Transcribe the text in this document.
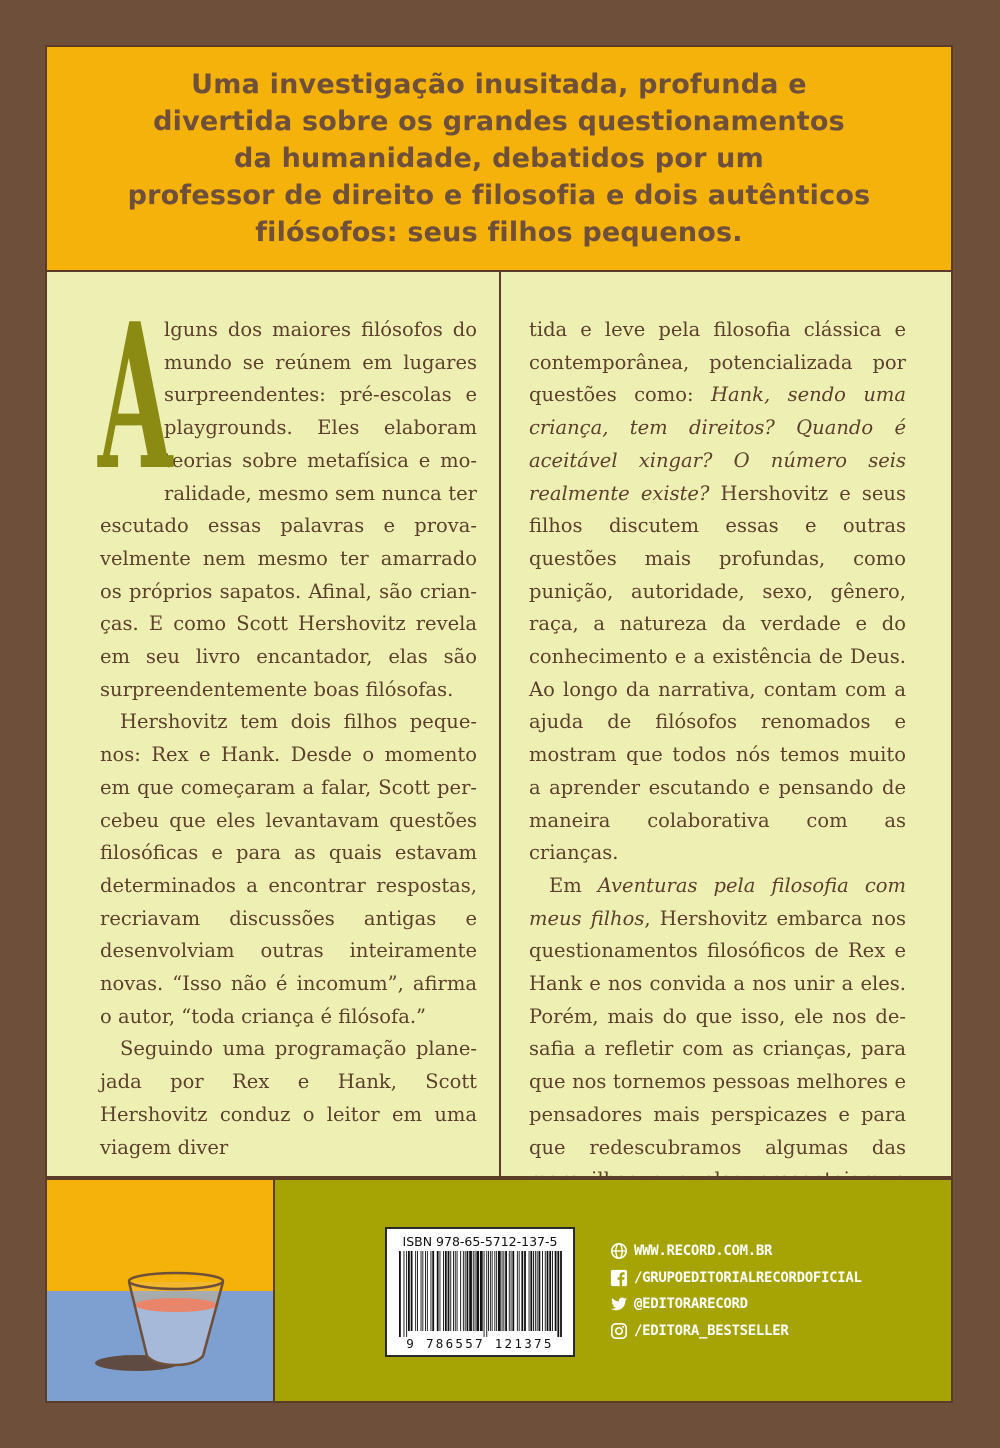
Uma investigação inusitada, profunda e
divertida sobre os grandes questionamentos
da humanidade, debatidos por um
professor de direito e filosofia e dois autênticos
filósofos: seus filhos pequenos.

A
lguns dos maiores filósofos do mundo se reúnem em lugares surpreendentes: pré-escolas e playgrounds. Eles elaboram teorias sobre metafísica e moralidade, mesmo sem nunca ter escutado essas palavras e provavelmente nem mesmo ter amarrado os próprios sapatos. Afinal, são crianças. E como Scott Hershovitz revela em seu livro encantador, elas são surpreendentemente boas filósofas.

Hershovitz tem dois filhos pequenos: Rex e Hank. Desde o momento em que começaram a falar, Scott percebeu que eles levantavam questões filosóficas e para as quais estavam determinados a encontrar respostas, recriavam discussões antigas e desenvolviam outras inteiramente novas. “Isso não é incomum”, afirma o autor, “toda criança é filósofa.”

Seguindo uma programação planejada por Rex e Hank, Scott Hershovitz conduz o leitor em uma viagem diver

tida e leve pela filosofia clássica e contemporânea, potencializada por questões como: Hank, sendo uma criança, tem direitos? Quando é aceitável xingar? O número seis realmente existe? Hershovitz e seus filhos discutem essas e outras questões mais profundas, como punição, autoridade, sexo, gênero, raça, a natureza da verdade e do conhecimento e a existência de Deus. Ao longo da narrativa, contam com a ajuda de filósofos renomados e mostram que todos nós temos muito a aprender escutando e pensando de maneira colaborativa com as crianças.

Em Aventuras pela filosofia com meus filhos, Hershovitz embarca nos questionamentos filosóficos de Rex e Hank e nos convida a nos unir a eles. Porém, mais do que isso, ele nos desafia a refletir com as crianças, para que nos tornemos pessoas melhores e pensadores mais perspicazes e para que redescubramos algumas das

ISBN 978-65-5712-137-5
9 786557 121375
WWW.RECORD.COM.BR
/GRUPOEDITORIALRECORDOFICIAL
@EDITORARECORD
/EDITORA_BESTSELLER
